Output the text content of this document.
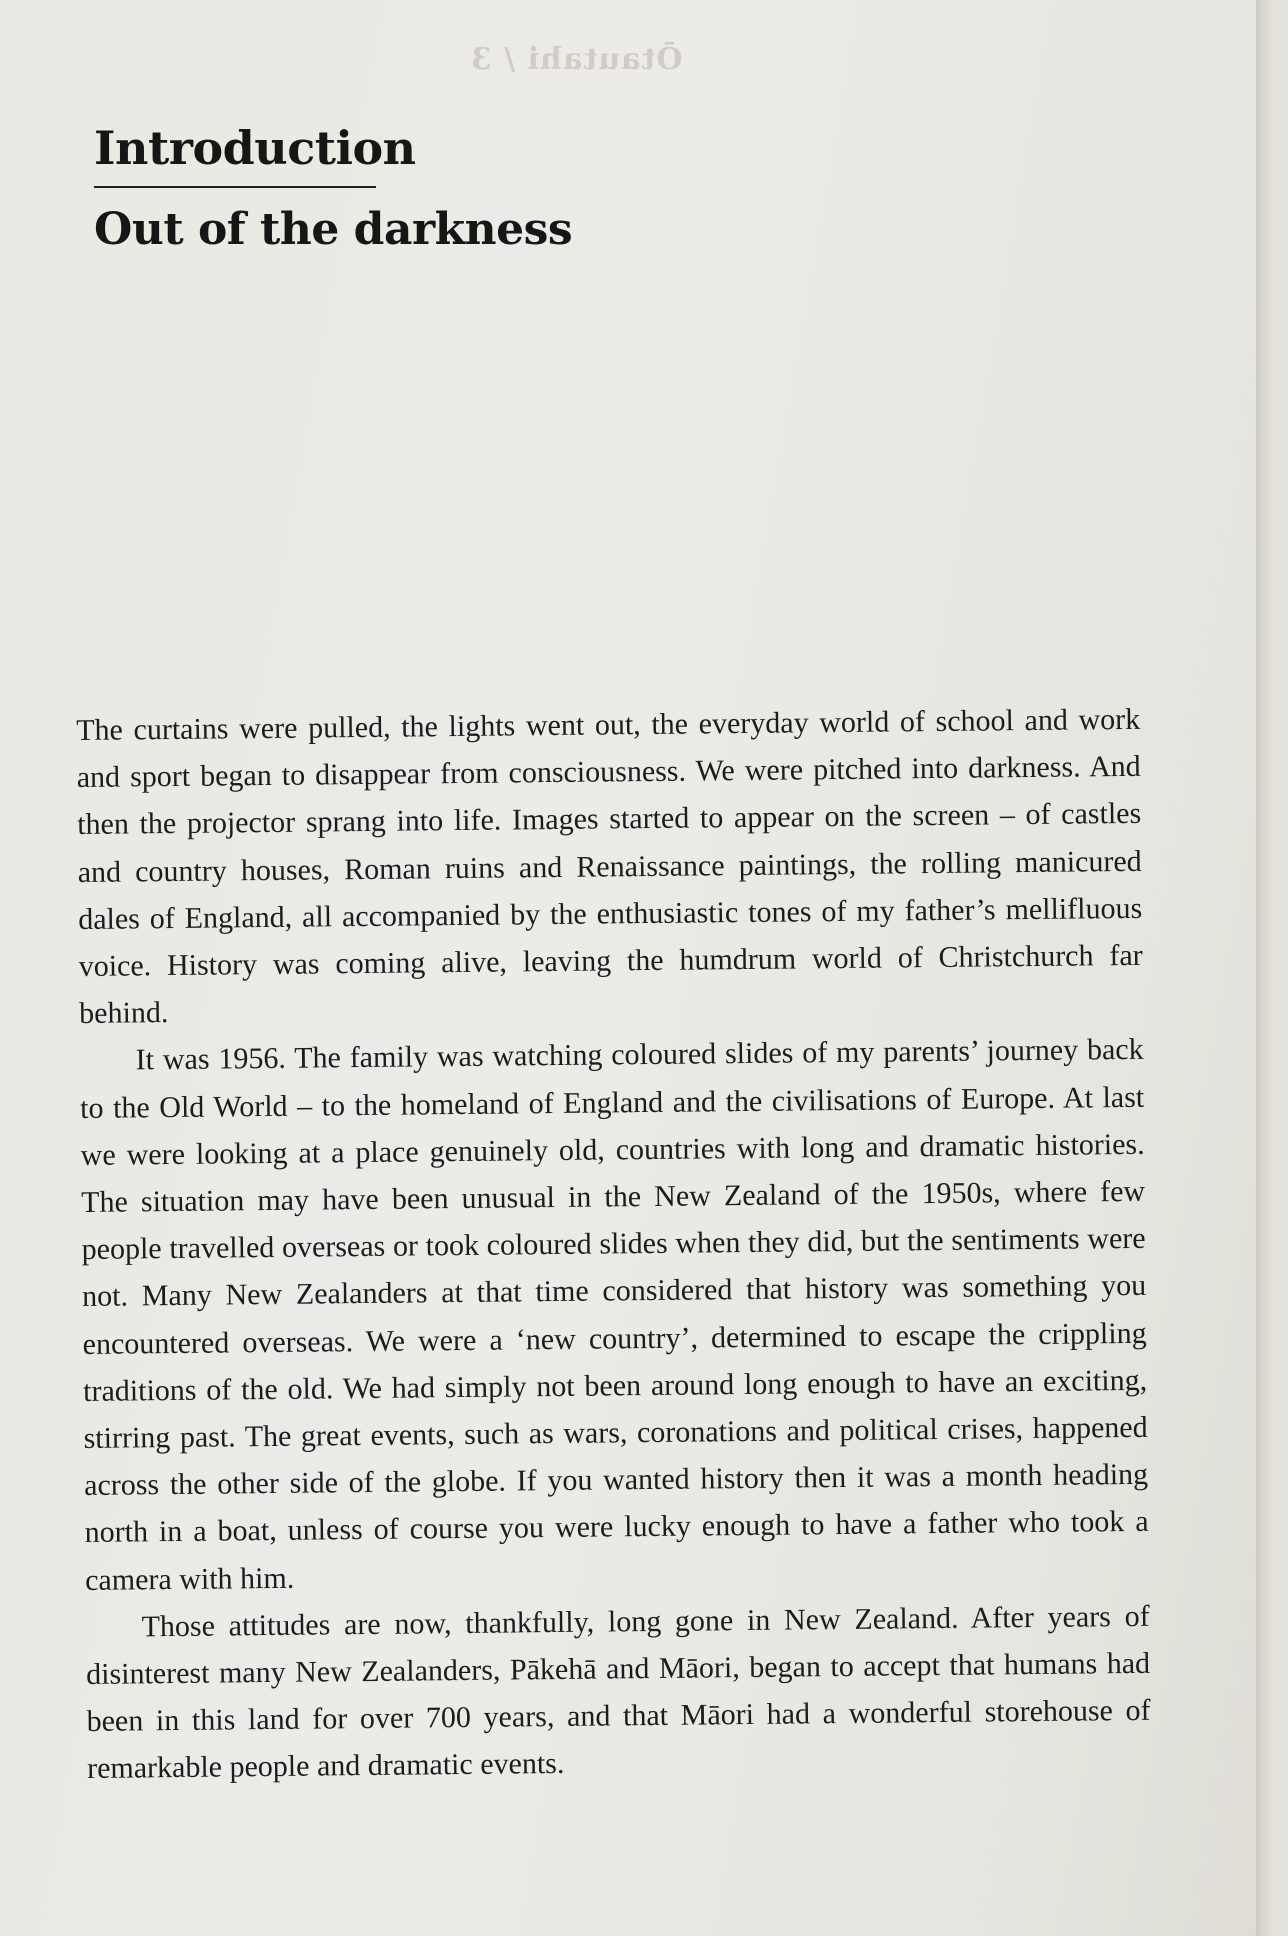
Ōtautahi / 3
Introduction
Out of the darkness

The curtains were pulled, the lights went out, the everyday world of school and work and sport began to disappear from consciousness. We were pitched into darkness. And then the projector sprang into life. Images started to appear on the screen – of castles and country houses, Roman ruins and Renaissance paintings, the rolling manicured dales of England, all accompanied by the enthusiastic tones of my father’s mellifluous voice. History was coming alive, leaving the humdrum world of Christchurch far behind.

It was 1956. The family was watching coloured slides of my parents’ journey back to the Old World – to the homeland of England and the civilisations of Europe. At last we were looking at a place genuinely old, countries with long and dramatic histories. The situation may have been unusual in the New Zealand of the 1950s, where few people travelled overseas or took coloured slides when they did, but the sentiments were not. Many New Zealanders at that time considered that history was something you encountered overseas. We were a ‘new country’, determined to escape the crippling traditions of the old. We had simply not been around long enough to have an exciting, stirring past. The great events, such as wars, coronations and political crises, happened across the other side of the globe. If you wanted history then it was a month heading north in a boat, unless of course you were lucky enough to have a father who took a camera with him.

Those attitudes are now, thankfully, long gone in New Zealand. After years of disinterest many New Zealanders, Pākehā and Māori, began to accept that humans had been in this land for over 700 years, and that Māori had a wonderful storehouse of remarkable people and dramatic events.
